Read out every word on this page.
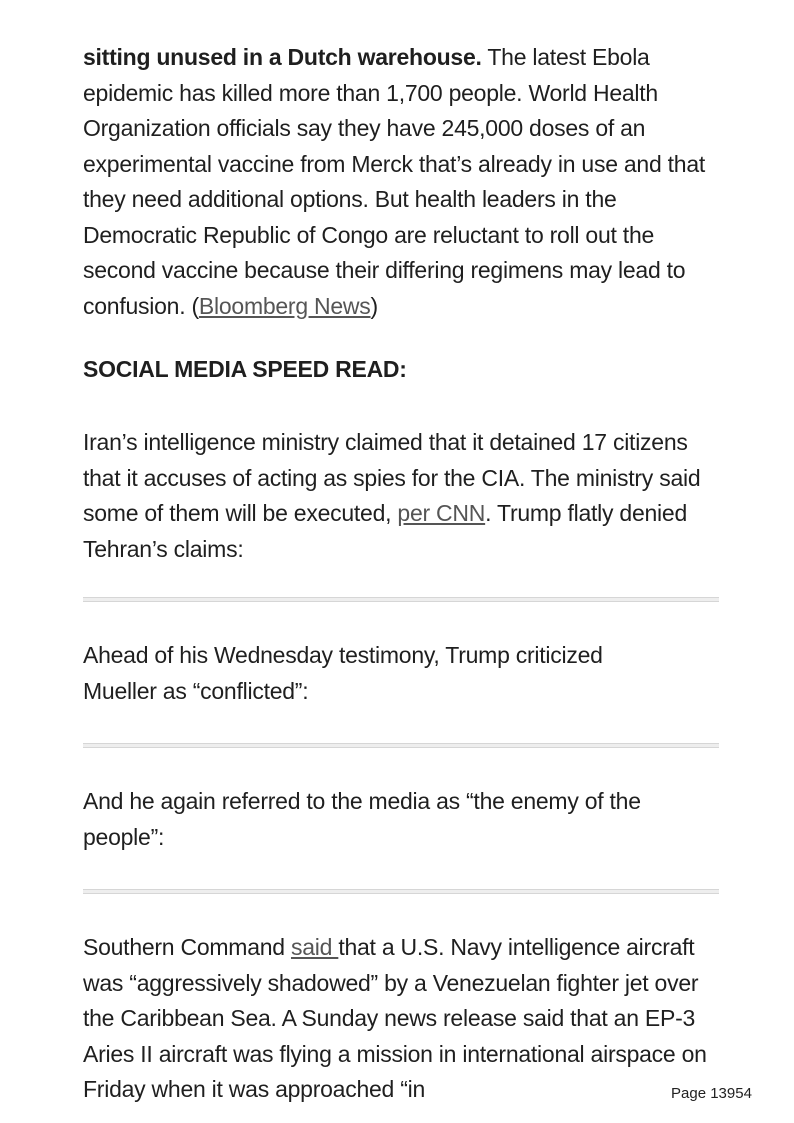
sitting unused in a Dutch warehouse. The latest Ebola epidemic has killed more than 1,700 people. World Health Organization officials say they have 245,000 doses of an experimental vaccine from Merck that’s already in use and that they need additional options. But health leaders in the Democratic Republic of Congo are reluctant to roll out the second vaccine because their differing regimens may lead to confusion. (Bloomberg News)

SOCIAL MEDIA SPEED READ:

Iran’s intelligence ministry claimed that it detained 17 citizens that it accuses of acting as spies for the CIA. The ministry said some of them will be executed, per CNN. Trump flatly denied Tehran’s claims:

Ahead of his Wednesday testimony, Trump criticized Mueller as “conflicted”:

And he again referred to the media as “the enemy of the people”:

Southern Command said that a U.S. Navy intelligence aircraft was “aggressively shadowed” by a Venezuelan fighter jet over the Caribbean Sea. A Sunday news release said that an EP-3 Aries II aircraft was flying a mission in international airspace on Friday when it was approached “in	Page 13954
